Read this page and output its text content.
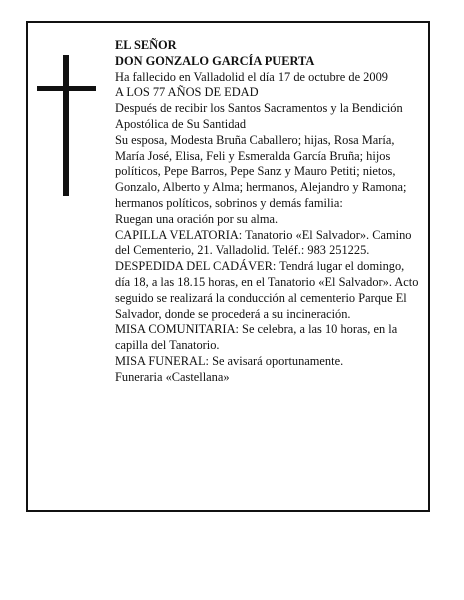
EL SEÑOR

DON GONZALO GARCÍA PUERTA

Ha fallecido en Valladolid el día 17 de octubre de 2009

A LOS 77 AÑOS DE EDAD

Después de recibir los Santos Sacramentos y la Bendición Apostólica de Su Santidad

Su esposa, Modesta Bruña Caballero; hijas, Rosa María, María José, Elisa, Feli y Esmeralda García Bruña; hijos políticos, Pepe Barros, Pepe Sanz y Mauro Petiti; nietos, Gonzalo, Alberto y Alma; hermanos, Alejandro y Ramona; hermanos políticos, sobrinos y demás familia:

Ruegan una oración por su alma.

CAPILLA VELATORIA: Tanatorio «El Salvador». Camino del Cementerio, 21. Valladolid. Teléf.: 983 251225.

DESPEDIDA DEL CADÁVER: Tendrá lugar el domingo, día 18, a las 18.15 horas, en el Tanatorio «El Salvador». Acto seguido se realizará la conducción al cementerio Parque El Salvador, donde se procederá a su incineración.

MISA COMUNITARIA: Se celebra, a las 10 horas, en la capilla del Tanatorio.

MISA FUNERAL: Se avisará oportunamente.

Funeraria «Castellana»
